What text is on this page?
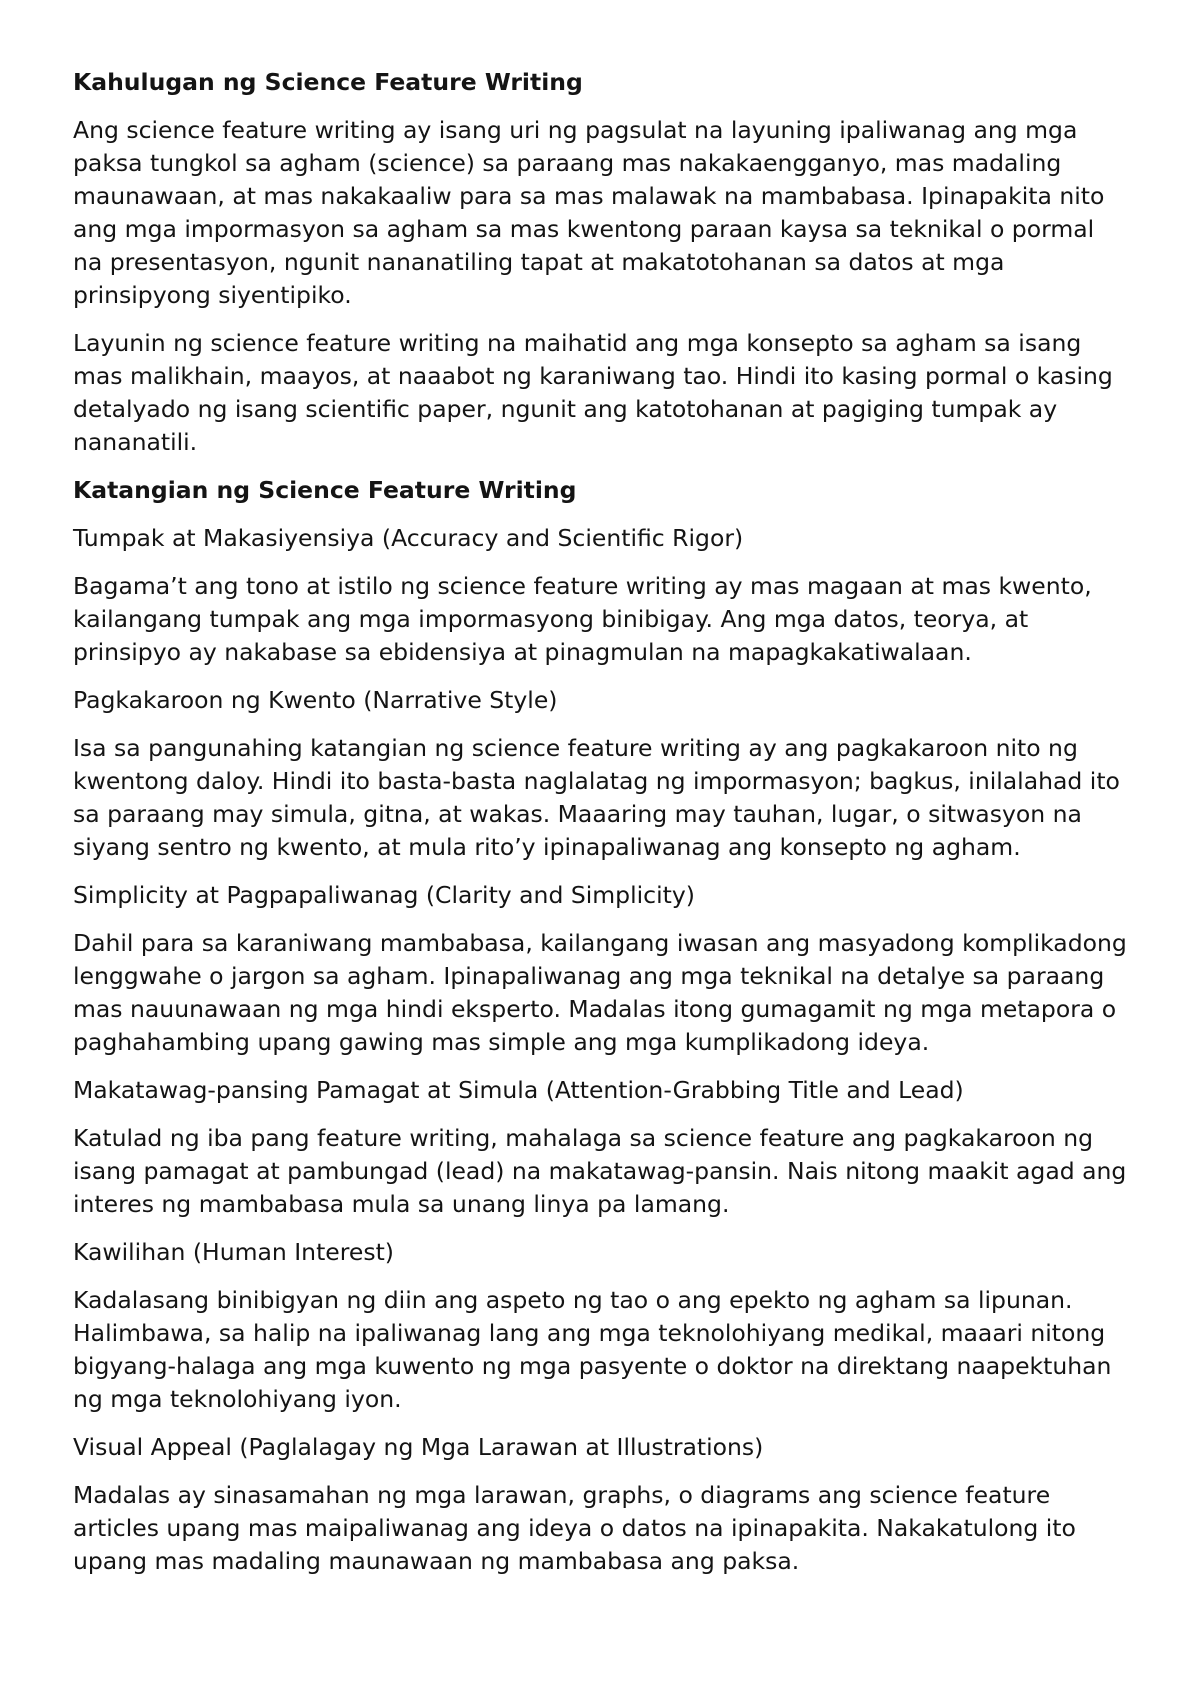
Kahulugan ng Science Feature Writing
Ang science feature writing ay isang uri ng pagsulat na layuning ipaliwanag ang mga paksa tungkol sa agham (science) sa paraang mas nakakaengganyo, mas madaling maunawaan, at mas nakakaaliw para sa mas malawak na mambabasa. Ipinapakita nito ang mga impormasyon sa agham sa mas kwentong paraan kaysa sa teknikal o pormal na presentasyon, ngunit nananatiling tapat at makatotohanan sa datos at mga prinsipyong siyentipiko.
Layunin ng science feature writing na maihatid ang mga konsepto sa agham sa isang mas malikhain, maayos, at naaabot ng karaniwang tao. Hindi ito kasing pormal o kasing detalyado ng isang scientific paper, ngunit ang katotohanan at pagiging tumpak ay nananatili.
Katangian ng Science Feature Writing
Tumpak at Makasiyensiya (Accuracy and Scientific Rigor)
Bagama’t ang tono at istilo ng science feature writing ay mas magaan at mas kwento, kailangang tumpak ang mga impormasyong binibigay. Ang mga datos, teorya, at prinsipyo ay nakabase sa ebidensiya at pinagmulan na mapagkakatiwalaan.
Pagkakaroon ng Kwento (Narrative Style)
Isa sa pangunahing katangian ng science feature writing ay ang pagkakaroon nito ng kwentong daloy. Hindi ito basta-basta naglalatag ng impormasyon; bagkus, inilalahad ito sa paraang may simula, gitna, at wakas. Maaaring may tauhan, lugar, o sitwasyon na siyang sentro ng kwento, at mula rito’y ipinapaliwanag ang konsepto ng agham.
Simplicity at Pagpapaliwanag (Clarity and Simplicity)
Dahil para sa karaniwang mambabasa, kailangang iwasan ang masyadong komplikadong lenggwahe o jargon sa agham. Ipinapaliwanag ang mga teknikal na detalye sa paraang mas nauunawaan ng mga hindi eksperto. Madalas itong gumagamit ng mga metapora o paghahambing upang gawing mas simple ang mga kumplikadong ideya.
Makatawag-pansing Pamagat at Simula (Attention-Grabbing Title and Lead)
Katulad ng iba pang feature writing, mahalaga sa science feature ang pagkakaroon ng isang pamagat at pambungad (lead) na makatawag-pansin. Nais nitong maakit agad ang interes ng mambabasa mula sa unang linya pa lamang.
Kawilihan (Human Interest)
Kadalasang binibigyan ng diin ang aspeto ng tao o ang epekto ng agham sa lipunan. Halimbawa, sa halip na ipaliwanag lang ang mga teknolohiyang medikal, maaari nitong bigyang-halaga ang mga kuwento ng mga pasyente o doktor na direktang naapektuhan ng mga teknolohiyang iyon.
Visual Appeal (Paglalagay ng Mga Larawan at Illustrations)
Madalas ay sinasamahan ng mga larawan, graphs, o diagrams ang science feature articles upang mas maipaliwanag ang ideya o datos na ipinapakita. Nakakatulong ito upang mas madaling maunawaan ng mambabasa ang paksa.
